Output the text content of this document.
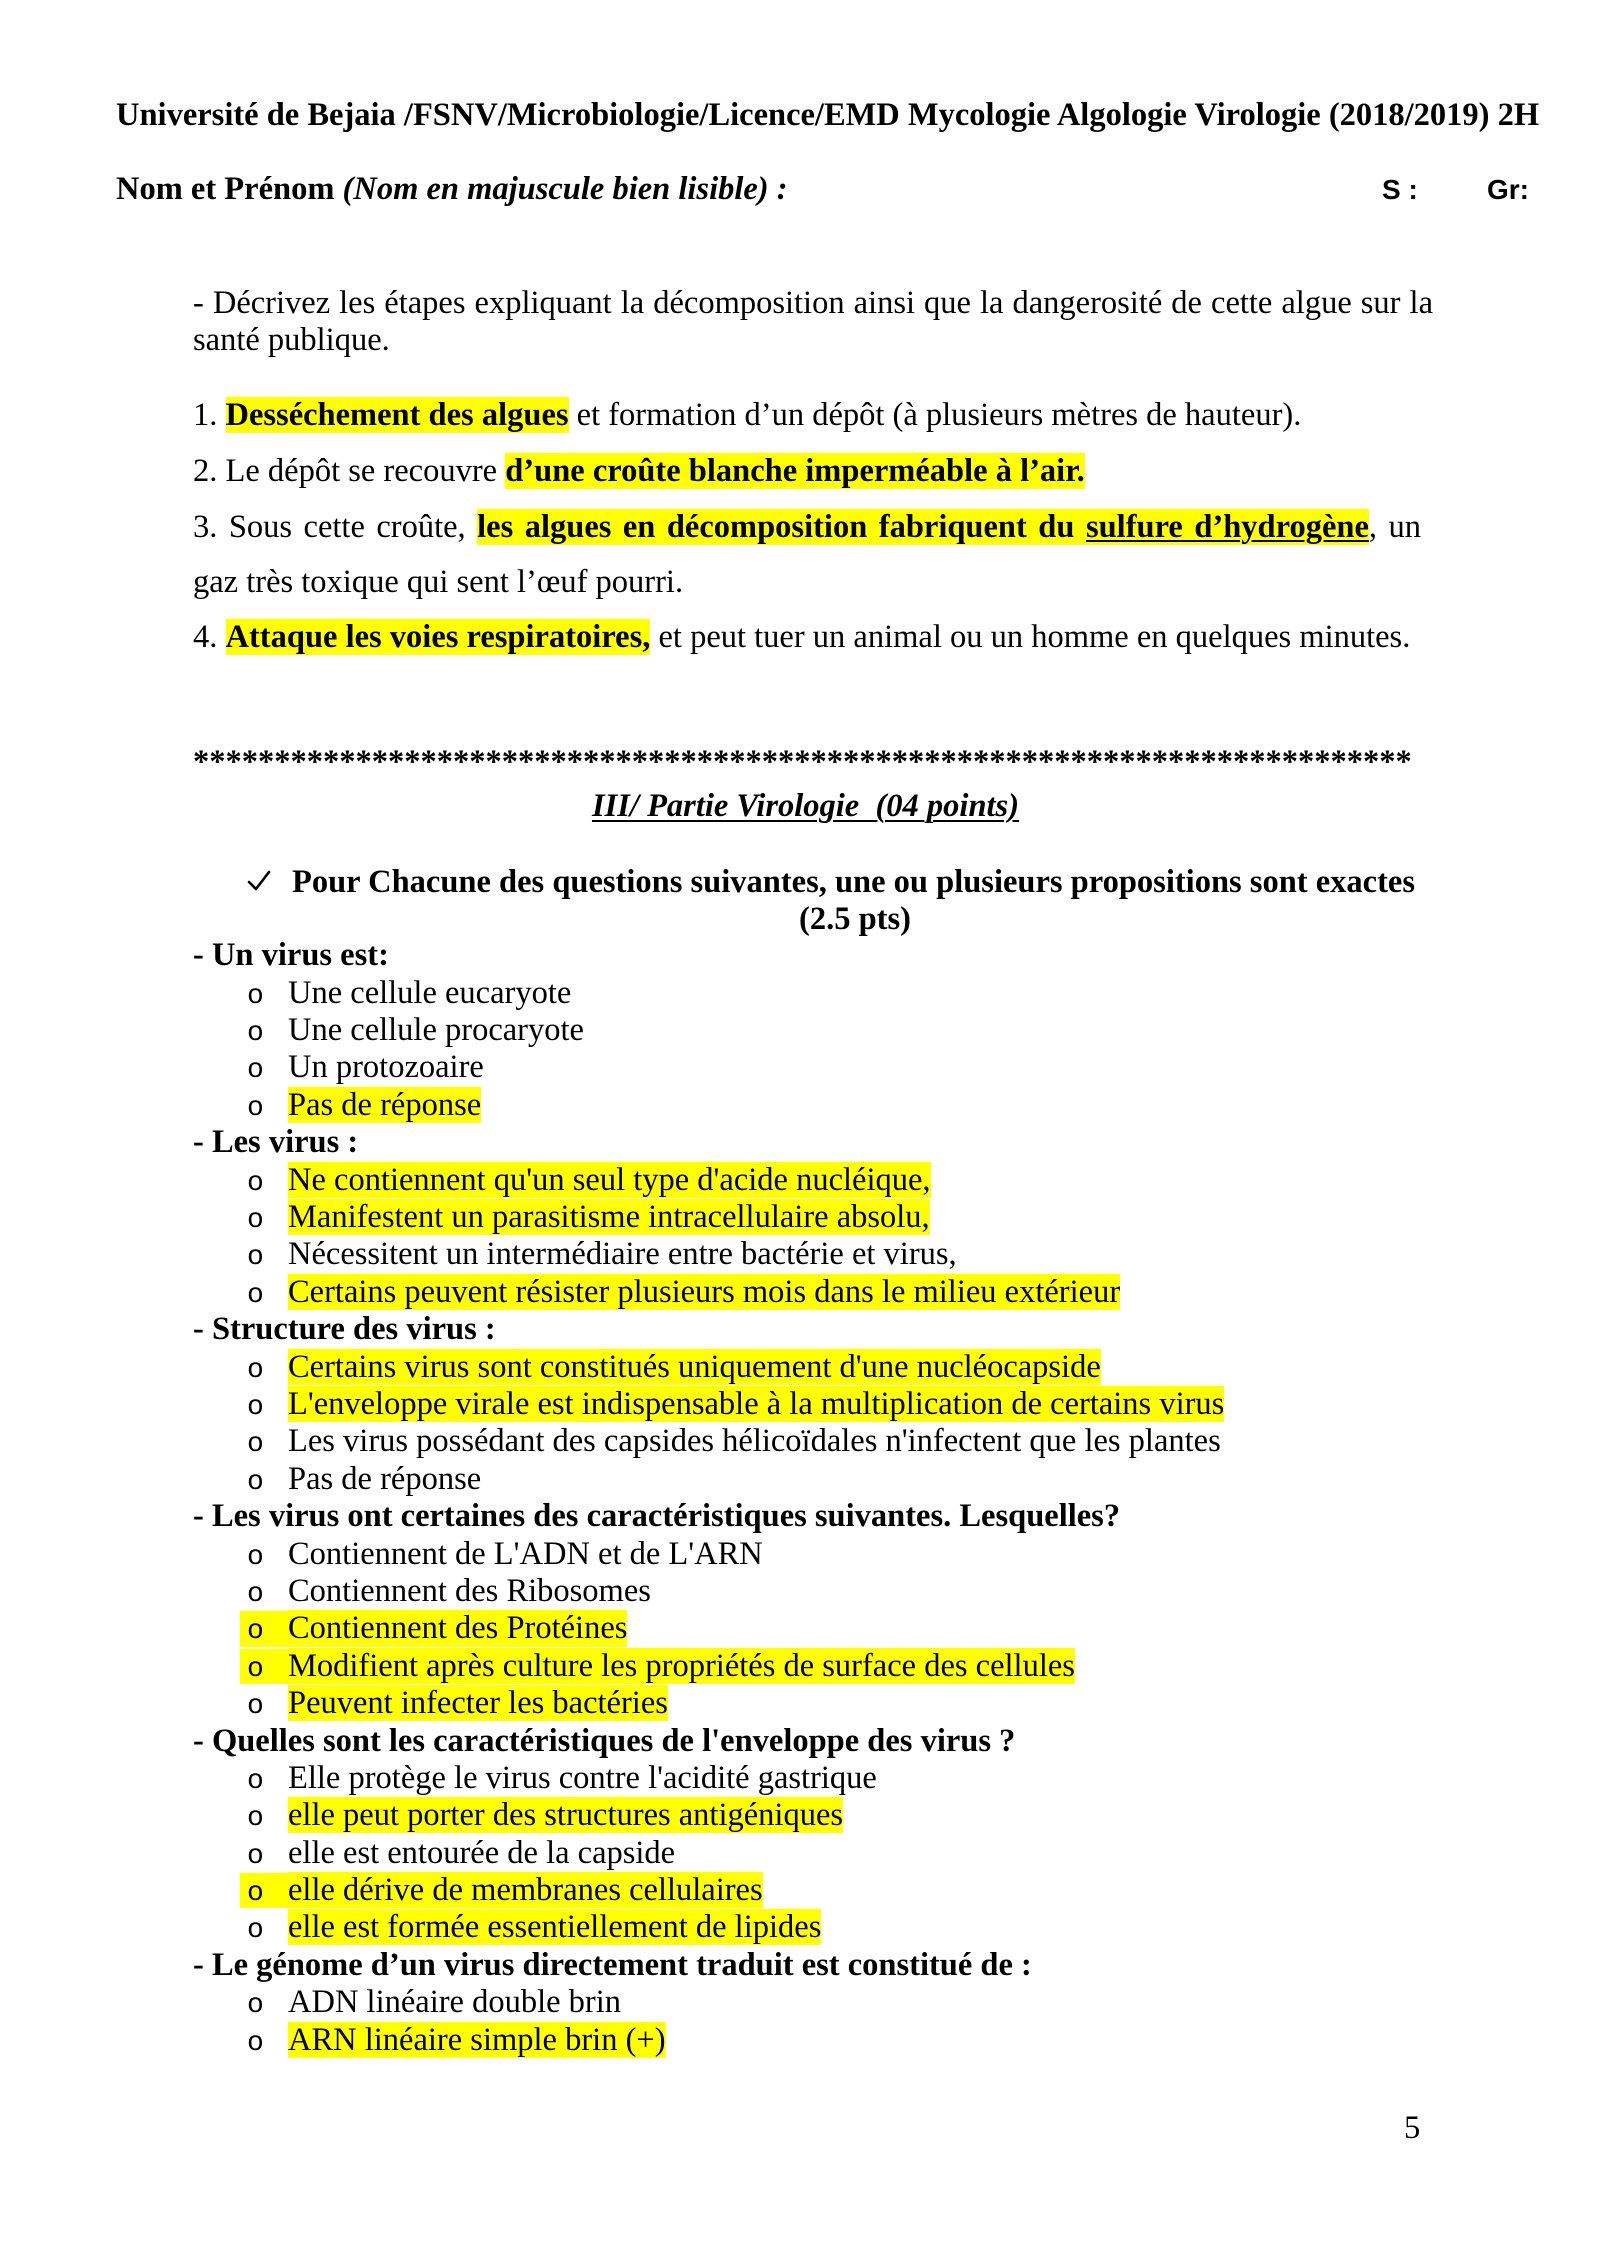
Université de Bejaia /FSNV/Microbiologie/Licence/EMD Mycologie Algologie Virologie (2018/2019) 2H
Nom et Prénom (Nom en majuscule bien lisible) :	S : Gr:
- Décrivez les étapes expliquant la décomposition ainsi que la dangerosité de cette algue sur la santé publique.
1. Desséchement des algues et formation d’un dépôt (à plusieurs mètres de hauteur).
2. Le dépôt se recouvre d’une croûte blanche imperméable à l’air.
3. Sous cette croûte, les algues en décomposition fabriquent du sulfure d’hydrogène, un
gaz très toxique qui sent l’œuf pourri.
4. Attaque les voies respiratoires, et peut tuer un animal ou un homme en quelques minutes.
***************************************************************************
III/ Partie Virologie  (04 points)
Pour Chacune des questions suivantes, une ou plusieurs propositions sont exactes
(2.5 pts)
- Un virus est:
o Une cellule eucaryote
o Une cellule procaryote
o Un protozoaire
o Pas de réponse
- Les virus :
o Ne contiennent qu'un seul type d'acide nucléique,
o Manifestent un parasitisme intracellulaire absolu,
o Nécessitent un intermédiaire entre bactérie et virus,
o Certains peuvent résister plusieurs mois dans le milieu extérieur
- Structure des virus :
o Certains virus sont constitués uniquement d'une nucléocapside
o L'enveloppe virale est indispensable à la multiplication de certains virus
o Les virus possédant des capsides hélicoïdales n'infectent que les plantes
o Pas de réponse
- Les virus ont certaines des caractéristiques suivantes. Lesquelles?
o Contiennent de L'ADN et de L'ARN
o Contiennent des Ribosomes
o Contiennent des Protéines
o Modifient après culture les propriétés de surface des cellules
o Peuvent infecter les bactéries
- Quelles sont les caractéristiques de l'enveloppe des virus ?
o Elle protège le virus contre l'acidité gastrique
o elle peut porter des structures antigéniques
o elle est entourée de la capside
o elle dérive de membranes cellulaires
o elle est formée essentiellement de lipides
- Le génome d’un virus directement traduit est constitué de :
o ADN linéaire double brin
o ARN linéaire simple brin (+)
5
